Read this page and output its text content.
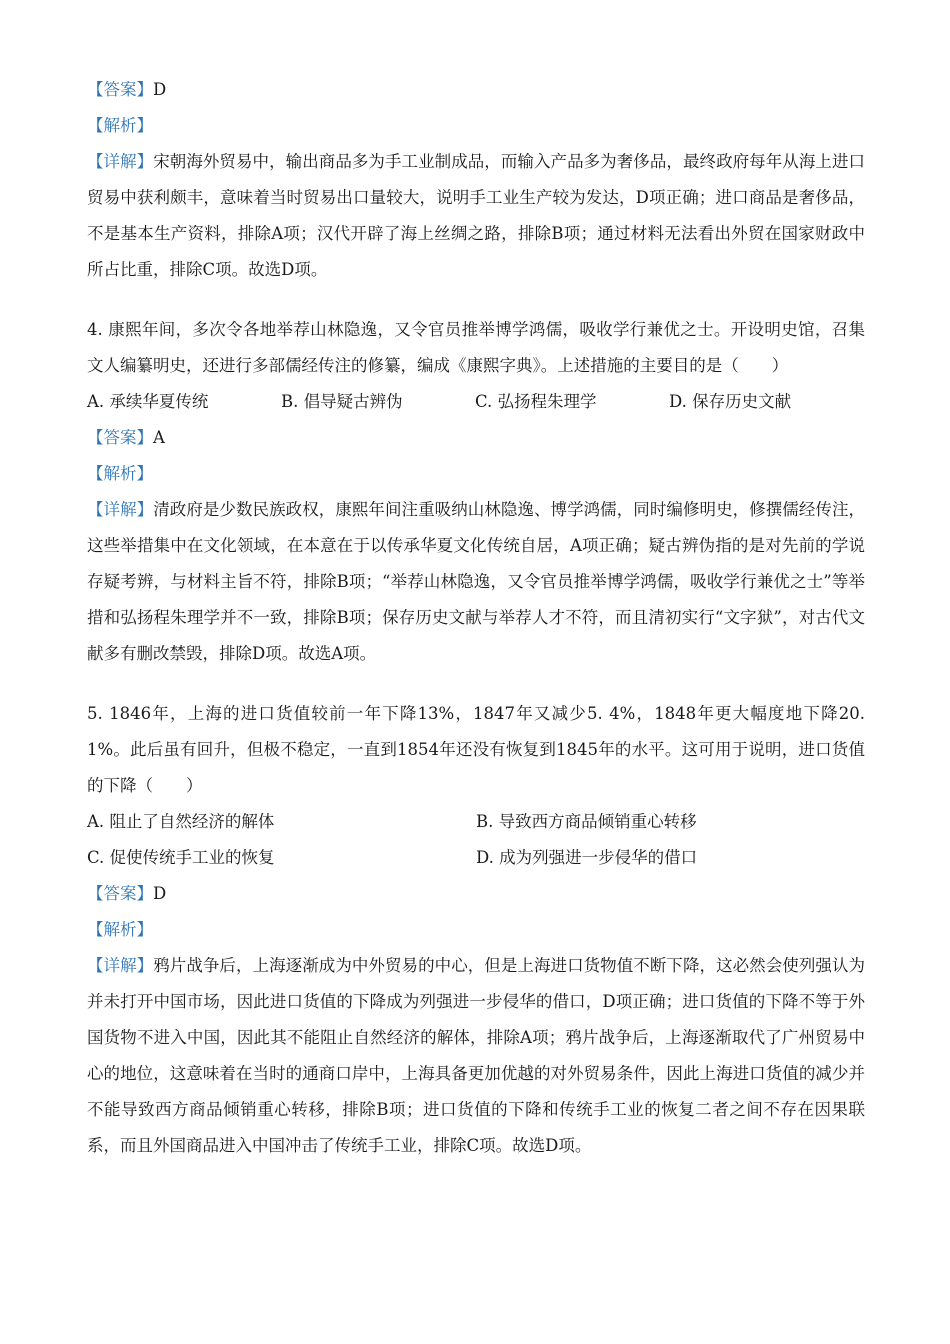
【答案】D
【解析】
【详解】宋朝海外贸易中，输出商品多为手工业制成品，而输入产品多为奢侈品，最终政府每年从海上进口贸易中获利颇丰，意味着当时贸易出口量较大，说明手工业生产较为发达，D项正确；进口商品是奢侈品，不是基本生产资料，排除A项；汉代开辟了海上丝绸之路，排除B项；通过材料无法看出外贸在国家财政中所占比重，排除C项。故选D项。
4. 康熙年间，多次令各地举荐山林隐逸，又令官员推举博学鸿儒，吸收学行兼优之士。开设明史馆，召集文人编纂明史，还进行多部儒经传注的修纂，编成《康熙字典》。上述措施的主要目的是（　　）
A. 承续华夏传统	B. 倡导疑古辨伪	C. 弘扬程朱理学	D. 保存历史文献
【答案】A
【解析】
【详解】清政府是少数民族政权，康熙年间注重吸纳山林隐逸、博学鸿儒，同时编修明史，修撰儒经传注，这些举措集中在文化领域，在本意在于以传承华夏文化传统自居，A项正确；疑古辨伪指的是对先前的学说存疑考辨，与材料主旨不符，排除B项；“举荐山林隐逸，又令官员推举博学鸿儒，吸收学行兼优之士”等举措和弘扬程朱理学并不一致，排除B项；保存历史文献与举荐人才不符，而且清初实行“文字狱”，对古代文献多有删改禁毁，排除D项。故选A项。
5. 1846年，上海的进口货值较前一年下降13%，1847年又减少5. 4%，1848年更大幅度地下降20. 1%。此后虽有回升，但极不稳定，一直到1854年还没有恢复到1845年的水平。这可用于说明，进口货值的下降（　　）
A. 阻止了自然经济的解体	B. 导致西方商品倾销重心转移
C. 促使传统手工业的恢复	D. 成为列强进一步侵华的借口
【答案】D
【解析】
【详解】鸦片战争后，上海逐渐成为中外贸易的中心，但是上海进口货物值不断下降，这必然会使列强认为并未打开中国市场，因此进口货值的下降成为列强进一步侵华的借口，D项正确；进口货值的下降不等于外国货物不进入中国，因此其不能阻止自然经济的解体，排除A项；鸦片战争后，上海逐渐取代了广州贸易中心的地位，这意味着在当时的通商口岸中，上海具备更加优越的对外贸易条件，因此上海进口货值的减少并不能导致西方商品倾销重心转移，排除B项；进口货值的下降和传统手工业的恢复二者之间不存在因果联系，而且外国商品进入中国冲击了传统手工业，排除C项。故选D项。
